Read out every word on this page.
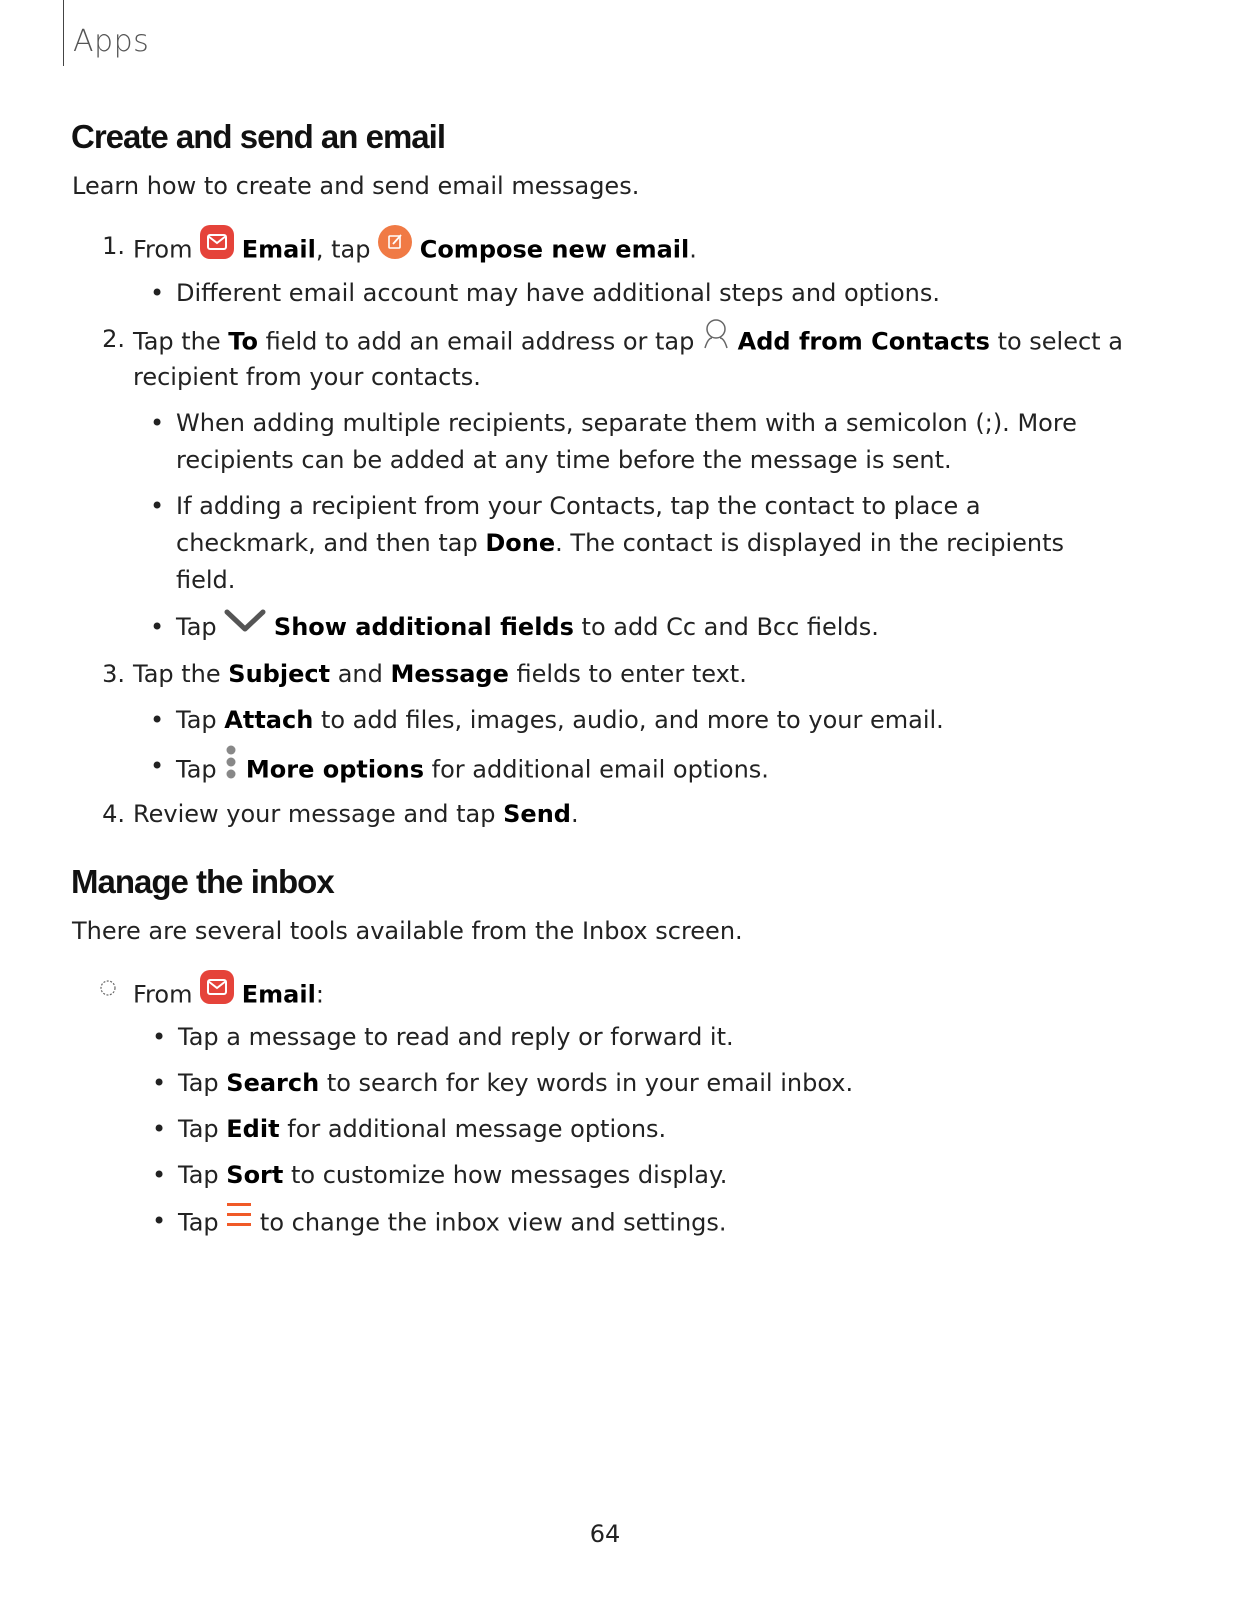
Apps
Create and send an email

Learn how to create and send email messages.

1. From Email, tap Compose new email.
• Different email account may have additional steps and options.
2. Tap the To field to add an email address or tap Add from Contacts to select a
recipient from your contacts.
• When adding multiple recipients, separate them with a semicolon (;). More
recipients can be added at any time before the message is sent.
• If adding a recipient from your Contacts, tap the contact to place a
checkmark, and then tap Done. The contact is displayed in the recipients
field.
• Tap Show additional fields to add Cc and Bcc fields.
3. Tap the Subject and Message fields to enter text.
• Tap Attach to add files, images, audio, and more to your email.
• Tap More options for additional email options.
4. Review your message and tap Send.
Manage the inbox

There are several tools available from the Inbox screen.

From Email:
• Tap a message to read and reply or forward it.
• Tap Search to search for key words in your email inbox.
• Tap Edit for additional message options.
• Tap Sort to customize how messages display.
• Tap to change the inbox view and settings.
64
